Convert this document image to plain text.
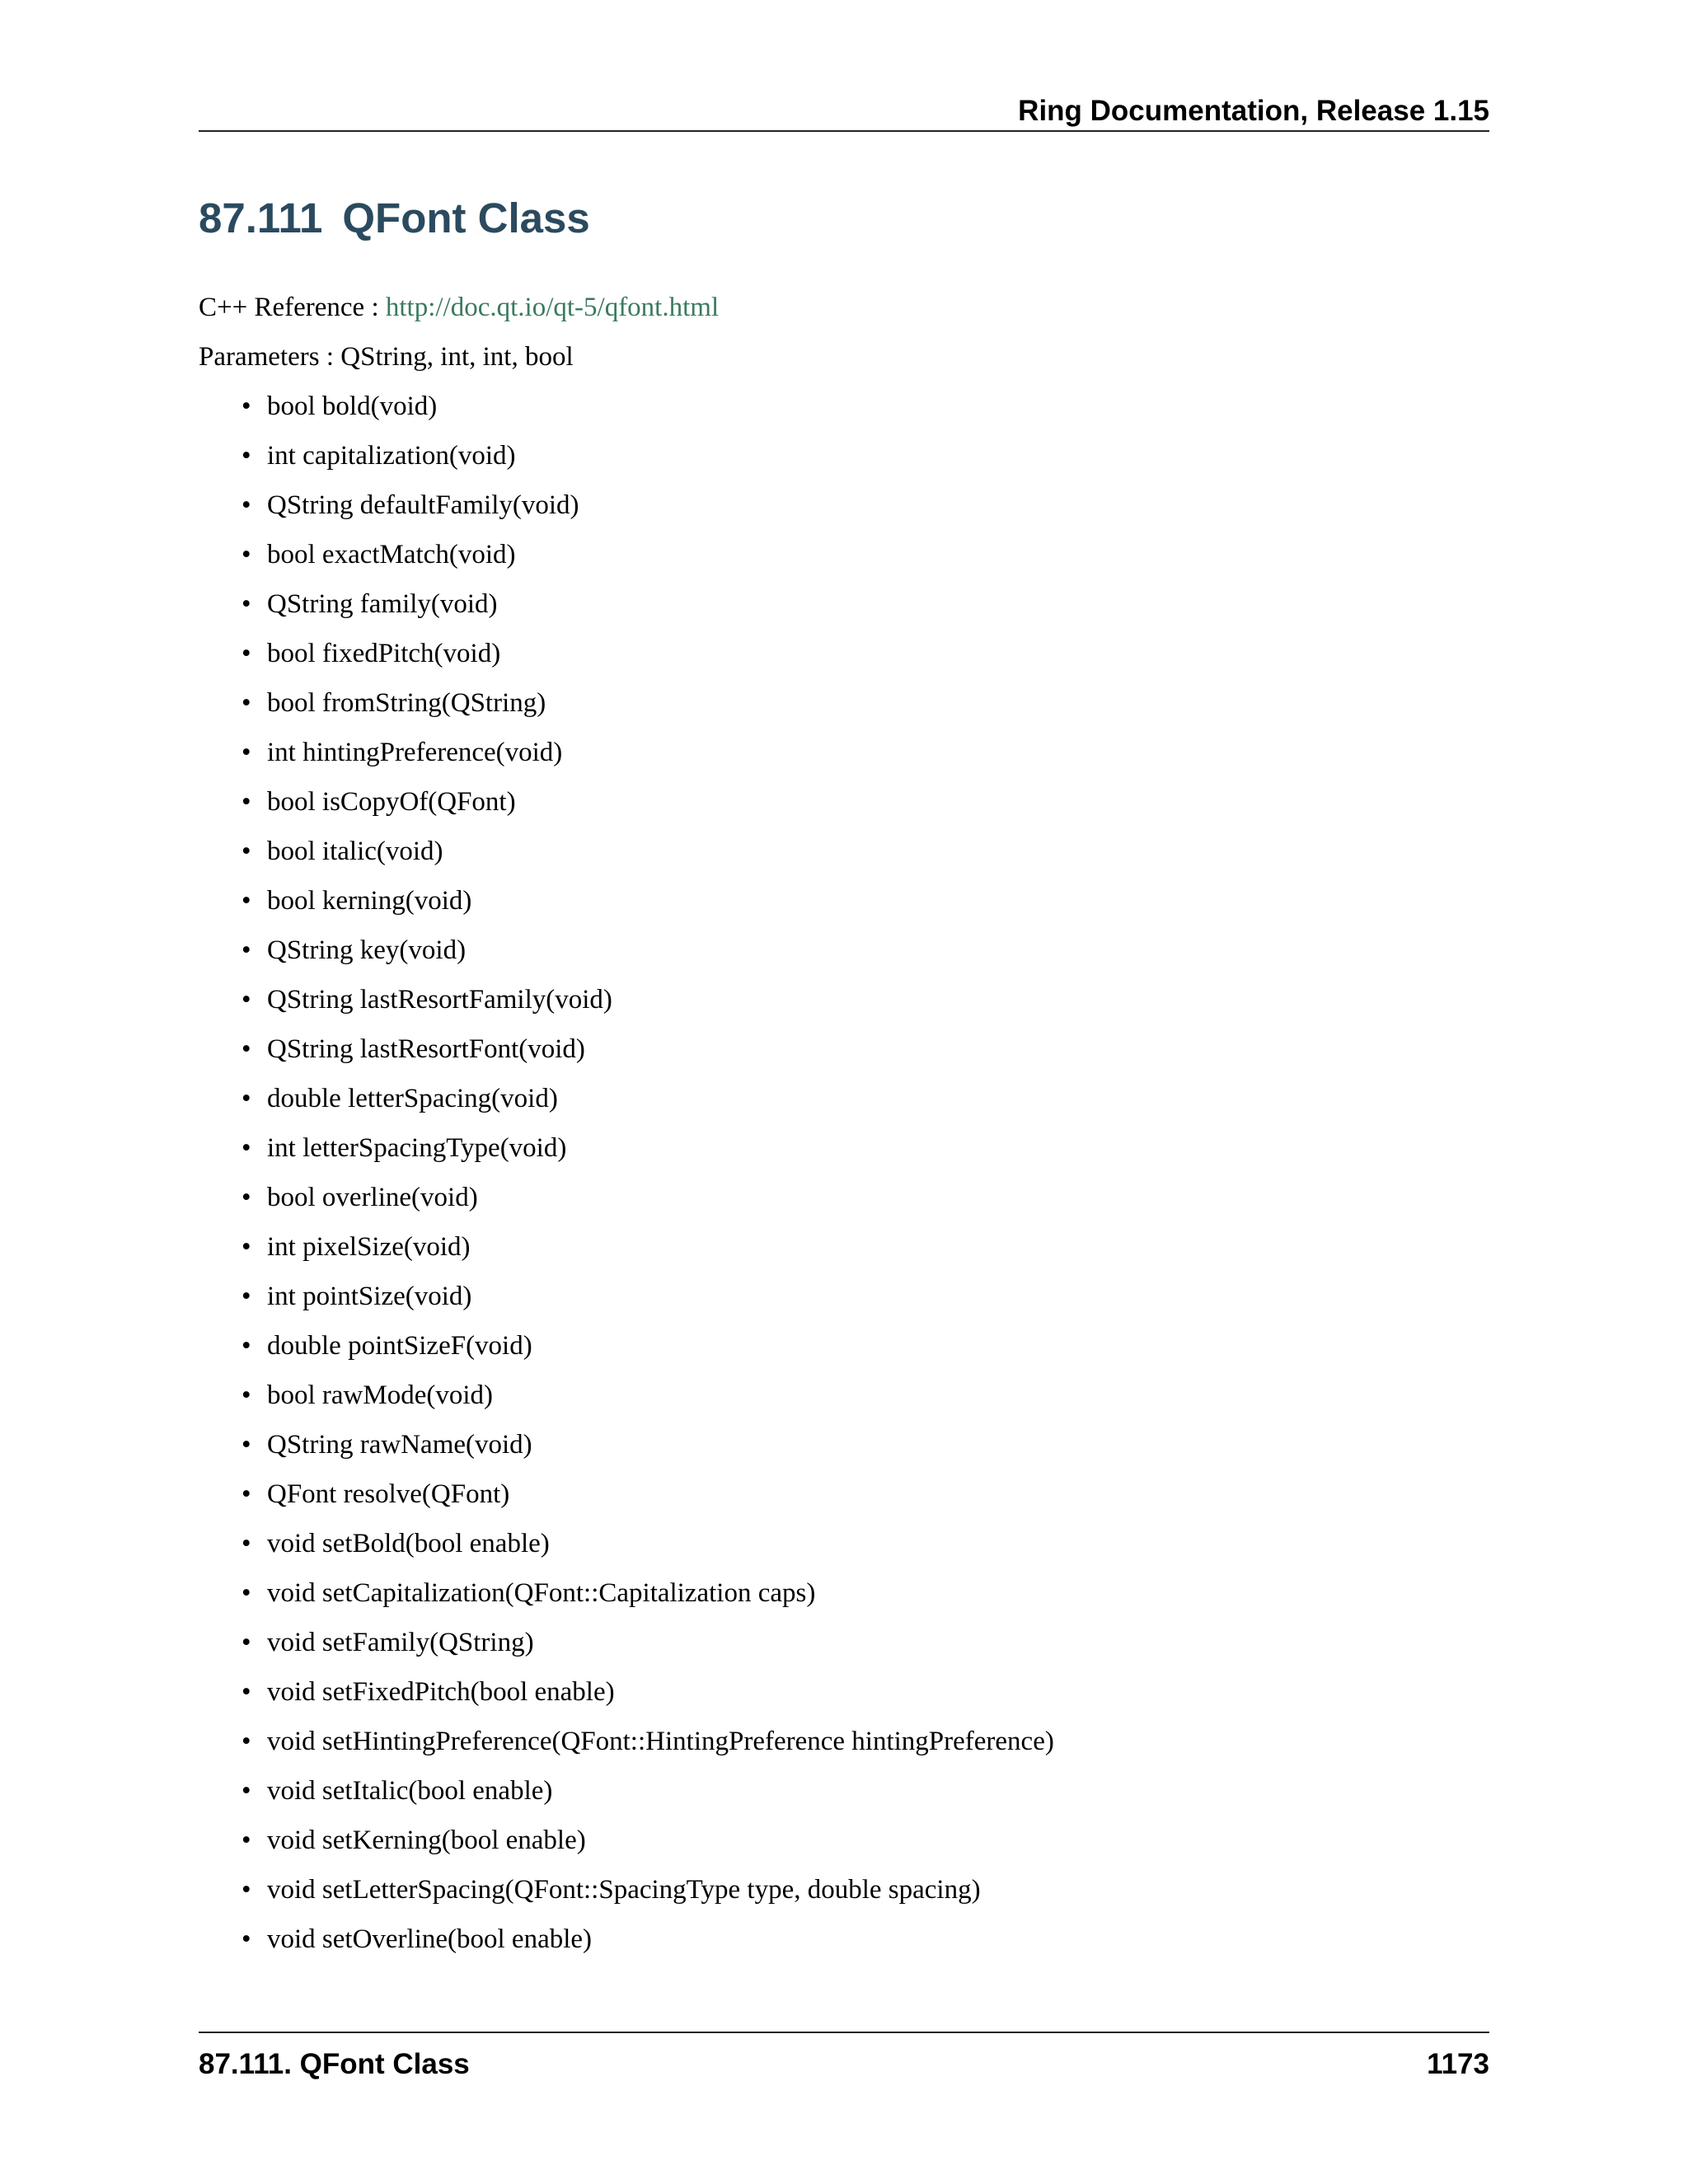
Ring Documentation, Release 1.15
87.111 QFont Class
C++ Reference : http://doc.qt.io/qt-5/qfont.html
Parameters : QString, int, int, bool
• bool bold(void)
• int capitalization(void)
• QString defaultFamily(void)
• bool exactMatch(void)
• QString family(void)
• bool fixedPitch(void)
• bool fromString(QString)
• int hintingPreference(void)
• bool isCopyOf(QFont)
• bool italic(void)
• bool kerning(void)
• QString key(void)
• QString lastResortFamily(void)
• QString lastResortFont(void)
• double letterSpacing(void)
• int letterSpacingType(void)
• bool overline(void)
• int pixelSize(void)
• int pointSize(void)
• double pointSizeF(void)
• bool rawMode(void)
• QString rawName(void)
• QFont resolve(QFont)
• void setBold(bool enable)
• void setCapitalization(QFont::Capitalization caps)
• void setFamily(QString)
• void setFixedPitch(bool enable)
• void setHintingPreference(QFont::HintingPreference hintingPreference)
• void setItalic(bool enable)
• void setKerning(bool enable)
• void setLetterSpacing(QFont::SpacingType type, double spacing)
• void setOverline(bool enable)
87.111. QFont Class	1173
